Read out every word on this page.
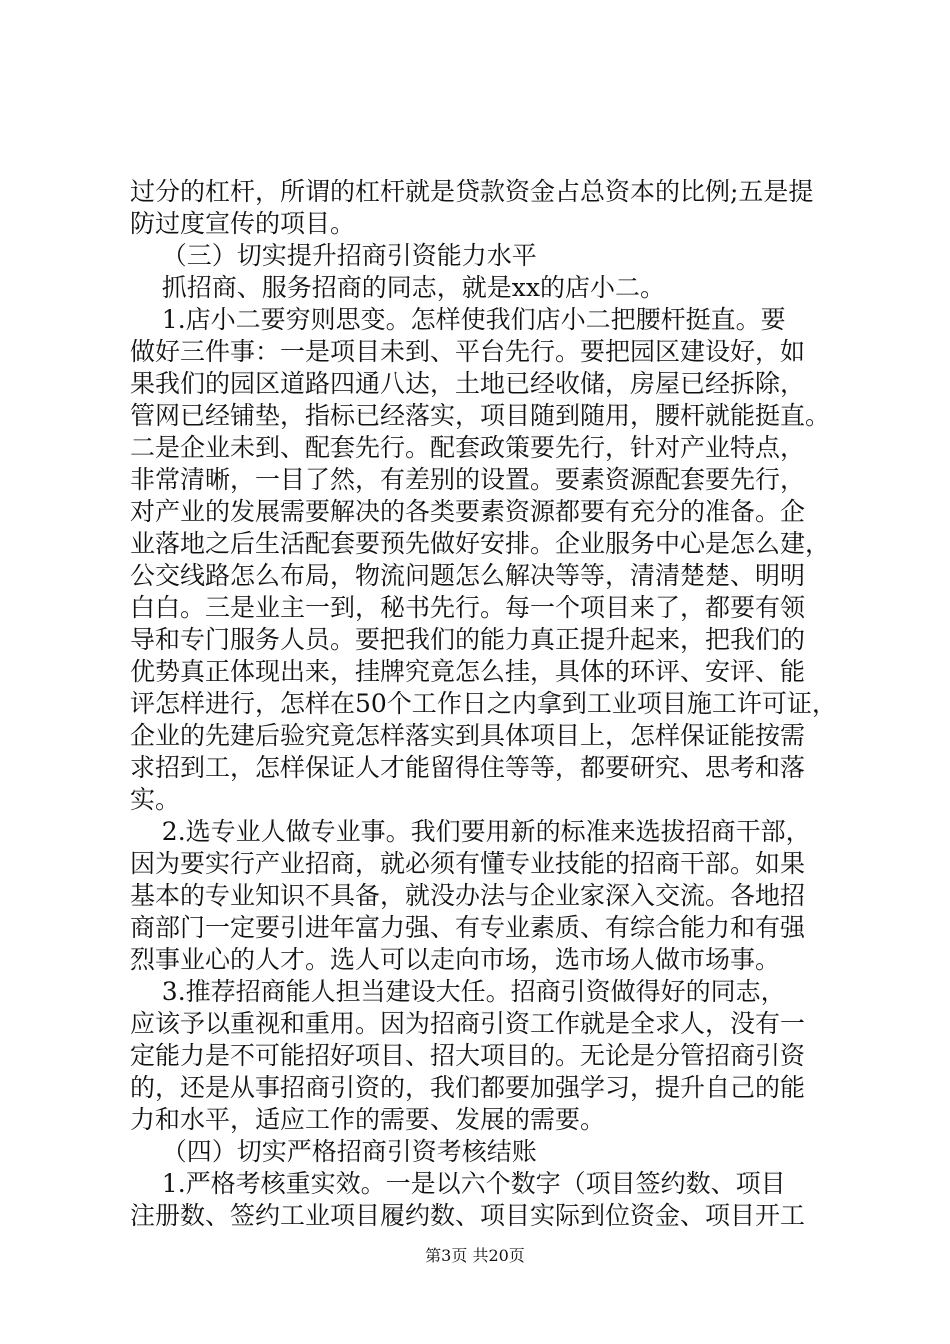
过分的杠杆，所谓的杠杆就是贷款资金占总资本的比例;五是提
防过度宣传的项目。
（三）切实提升招商引资能力水平
抓招商、服务招商的同志，就是xx的店小二。
1.店小二要穷则思变。怎样使我们店小二把腰杆挺直。要
做好三件事：一是项目未到、平台先行。要把园区建设好，如
果我们的园区道路四通八达，土地已经收储，房屋已经拆除，
管网已经铺垫，指标已经落实，项目随到随用，腰杆就能挺直。
二是企业未到、配套先行。配套政策要先行，针对产业特点，
非常清晰，一目了然，有差别的设置。要素资源配套要先行，
对产业的发展需要解决的各类要素资源都要有充分的准备。企
业落地之后生活配套要预先做好安排。企业服务中心是怎么建，
公交线路怎么布局，物流问题怎么解决等等，清清楚楚、明明
白白。三是业主一到，秘书先行。每一个项目来了，都要有领
导和专门服务人员。要把我们的能力真正提升起来，把我们的
优势真正体现出来，挂牌究竟怎么挂，具体的环评、安评、能
评怎样进行，怎样在50个工作日之内拿到工业项目施工许可证，
企业的先建后验究竟怎样落实到具体项目上，怎样保证能按需
求招到工，怎样保证人才能留得住等等，都要研究、思考和落
实。
2.选专业人做专业事。我们要用新的标准来选拔招商干部，
因为要实行产业招商，就必须有懂专业技能的招商干部。如果
基本的专业知识不具备，就没办法与企业家深入交流。各地招
商部门一定要引进年富力强、有专业素质、有综合能力和有强
烈事业心的人才。选人可以走向市场，选市场人做市场事。
3.推荐招商能人担当建设大任。招商引资做得好的同志，
应该予以重视和重用。因为招商引资工作就是全求人，没有一
定能力是不可能招好项目、招大项目的。无论是分管招商引资
的，还是从事招商引资的，我们都要加强学习，提升自己的能
力和水平，适应工作的需要、发展的需要。
（四）切实严格招商引资考核结账
1.严格考核重实效。一是以六个数字（项目签约数、项目
注册数、签约工业项目履约数、项目实际到位资金、项目开工
第3页 共20页
